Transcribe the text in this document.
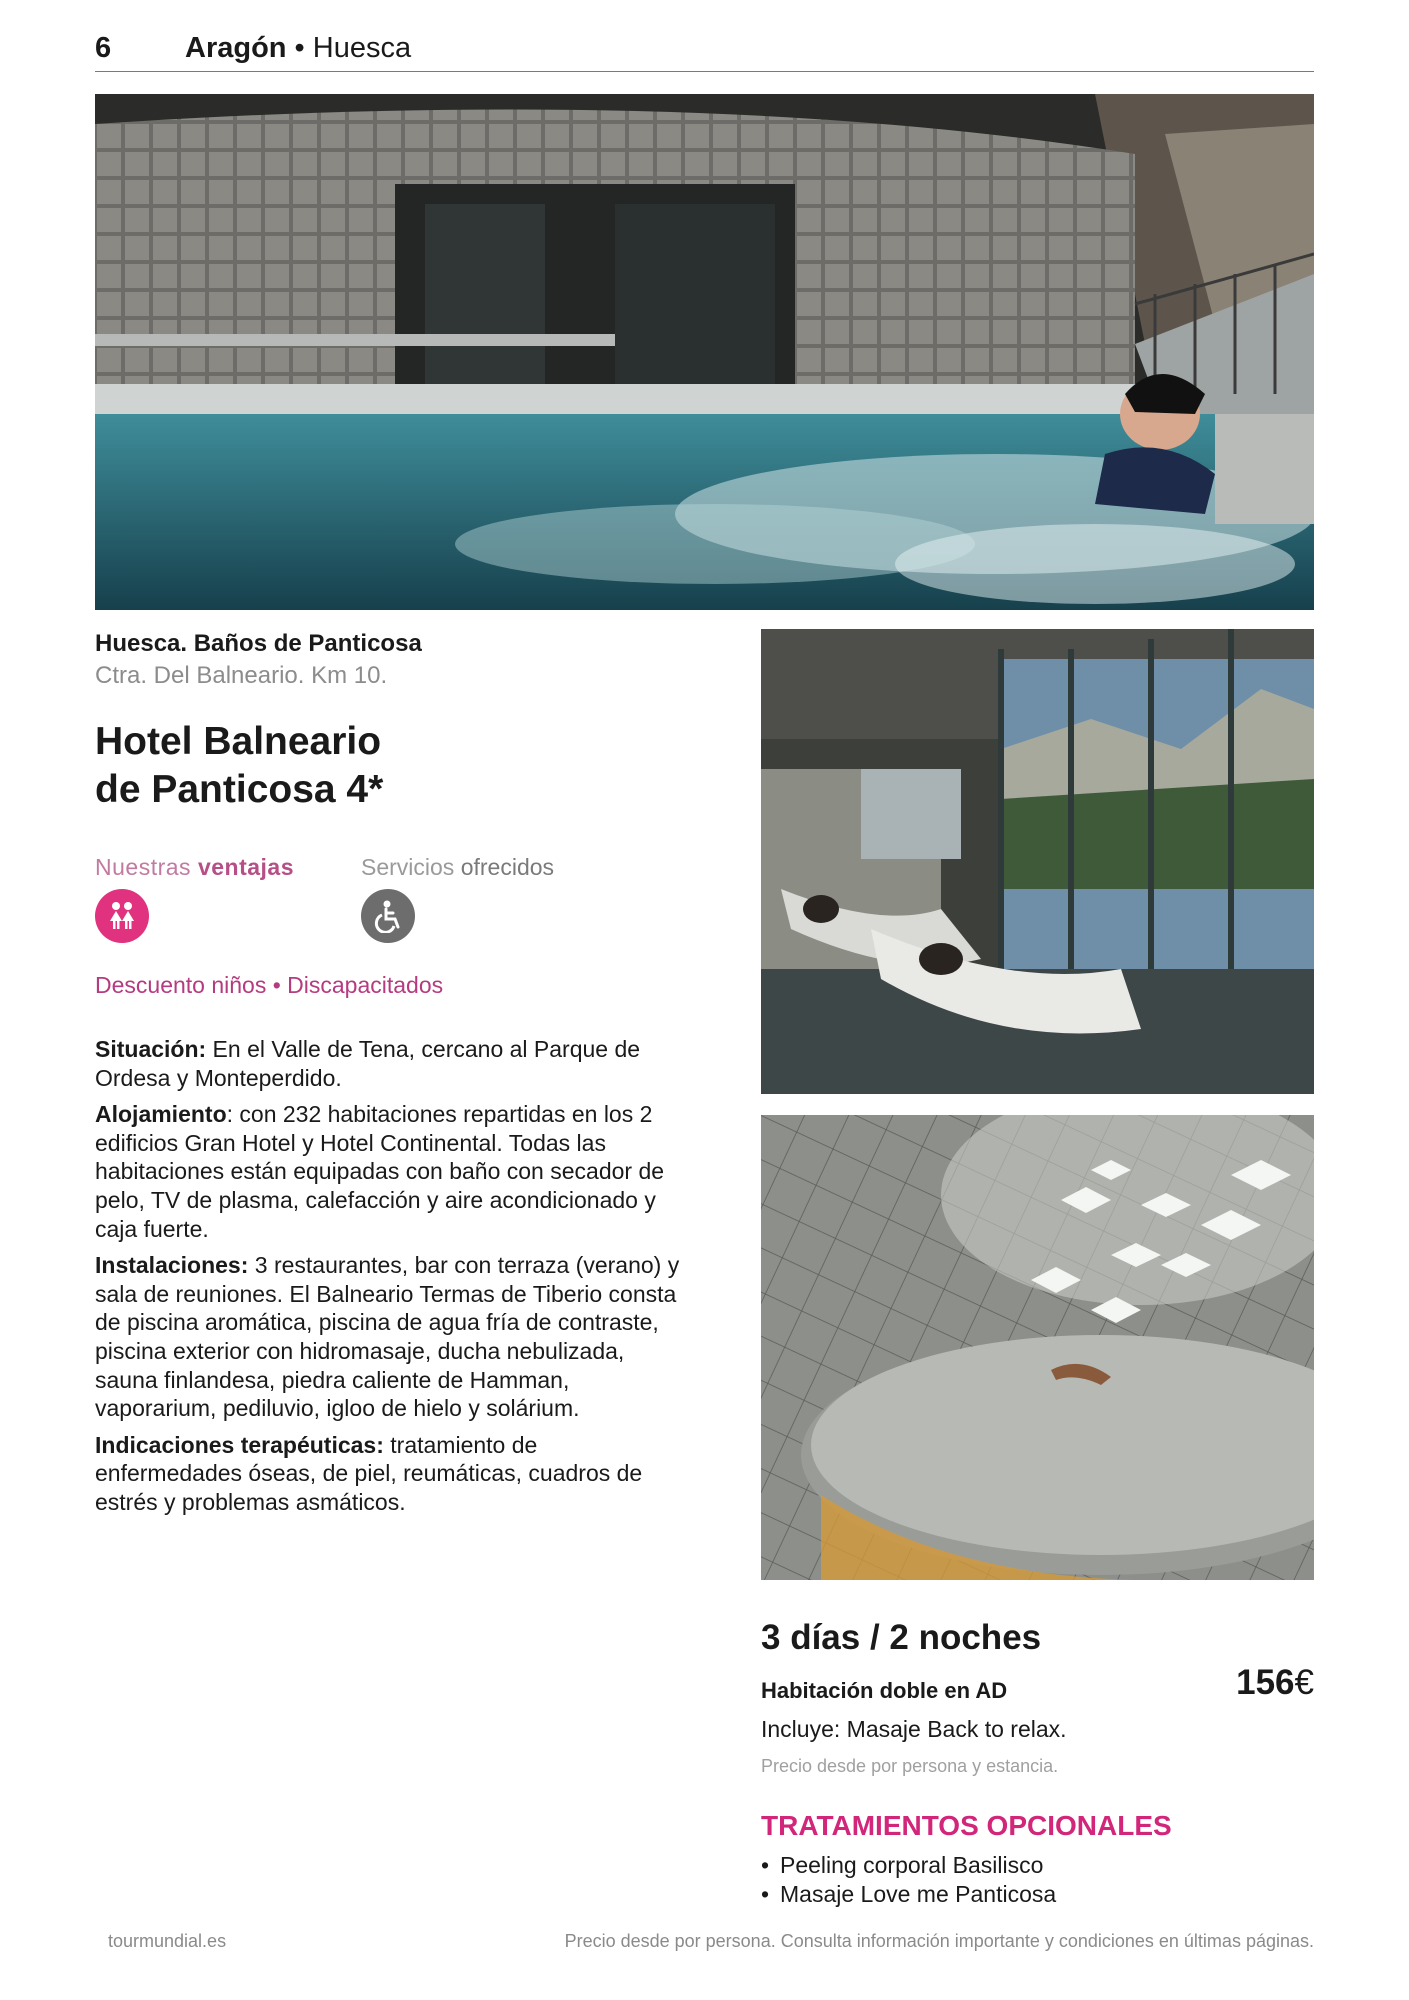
6	Aragón • Huesca
Huesca. Baños de Panticosa
Ctra. Del Balneario. Km 10.
Hotel Balneario
de Panticosa 4*
Nuestras ventajas	Servicios ofrecidos
Descuento niños • Discapacitados

Situación: En el Valle de Tena, cercano al Parque de Ordesa y Monteperdido.

Alojamiento: con 232 habitaciones repartidas en los 2 edificios Gran Hotel y Hotel Continental. Todas las habitaciones están equipadas con baño con secador de pelo, TV de plasma, calefacción y aire acondicionado y caja fuerte.

Instalaciones: 3 restaurantes, bar con terraza (verano) y sala de reuniones. El Balneario Termas de Tiberio consta de piscina aromática, piscina de agua fría de contraste, piscina exterior con hidromasaje, ducha nebulizada, sauna finlandesa, piedra caliente de Hamman, vaporarium, pediluvio, igloo de hielo y solárium.

Indicaciones terapéuticas: tratamiento de enfermedades óseas, de piel, reumáticas, cuadros de estrés y problemas asmáticos.

3 días / 2 noches
Habitación doble en AD	156€
Incluye: Masaje Back to relax.
Precio desde por persona y estancia.
TRATAMIENTOS OPCIONALES
• Peeling corporal Basilisco
• Masaje Love me Panticosa
tourmundial.es	Precio desde por persona. Consulta información importante y condiciones en últimas páginas.
